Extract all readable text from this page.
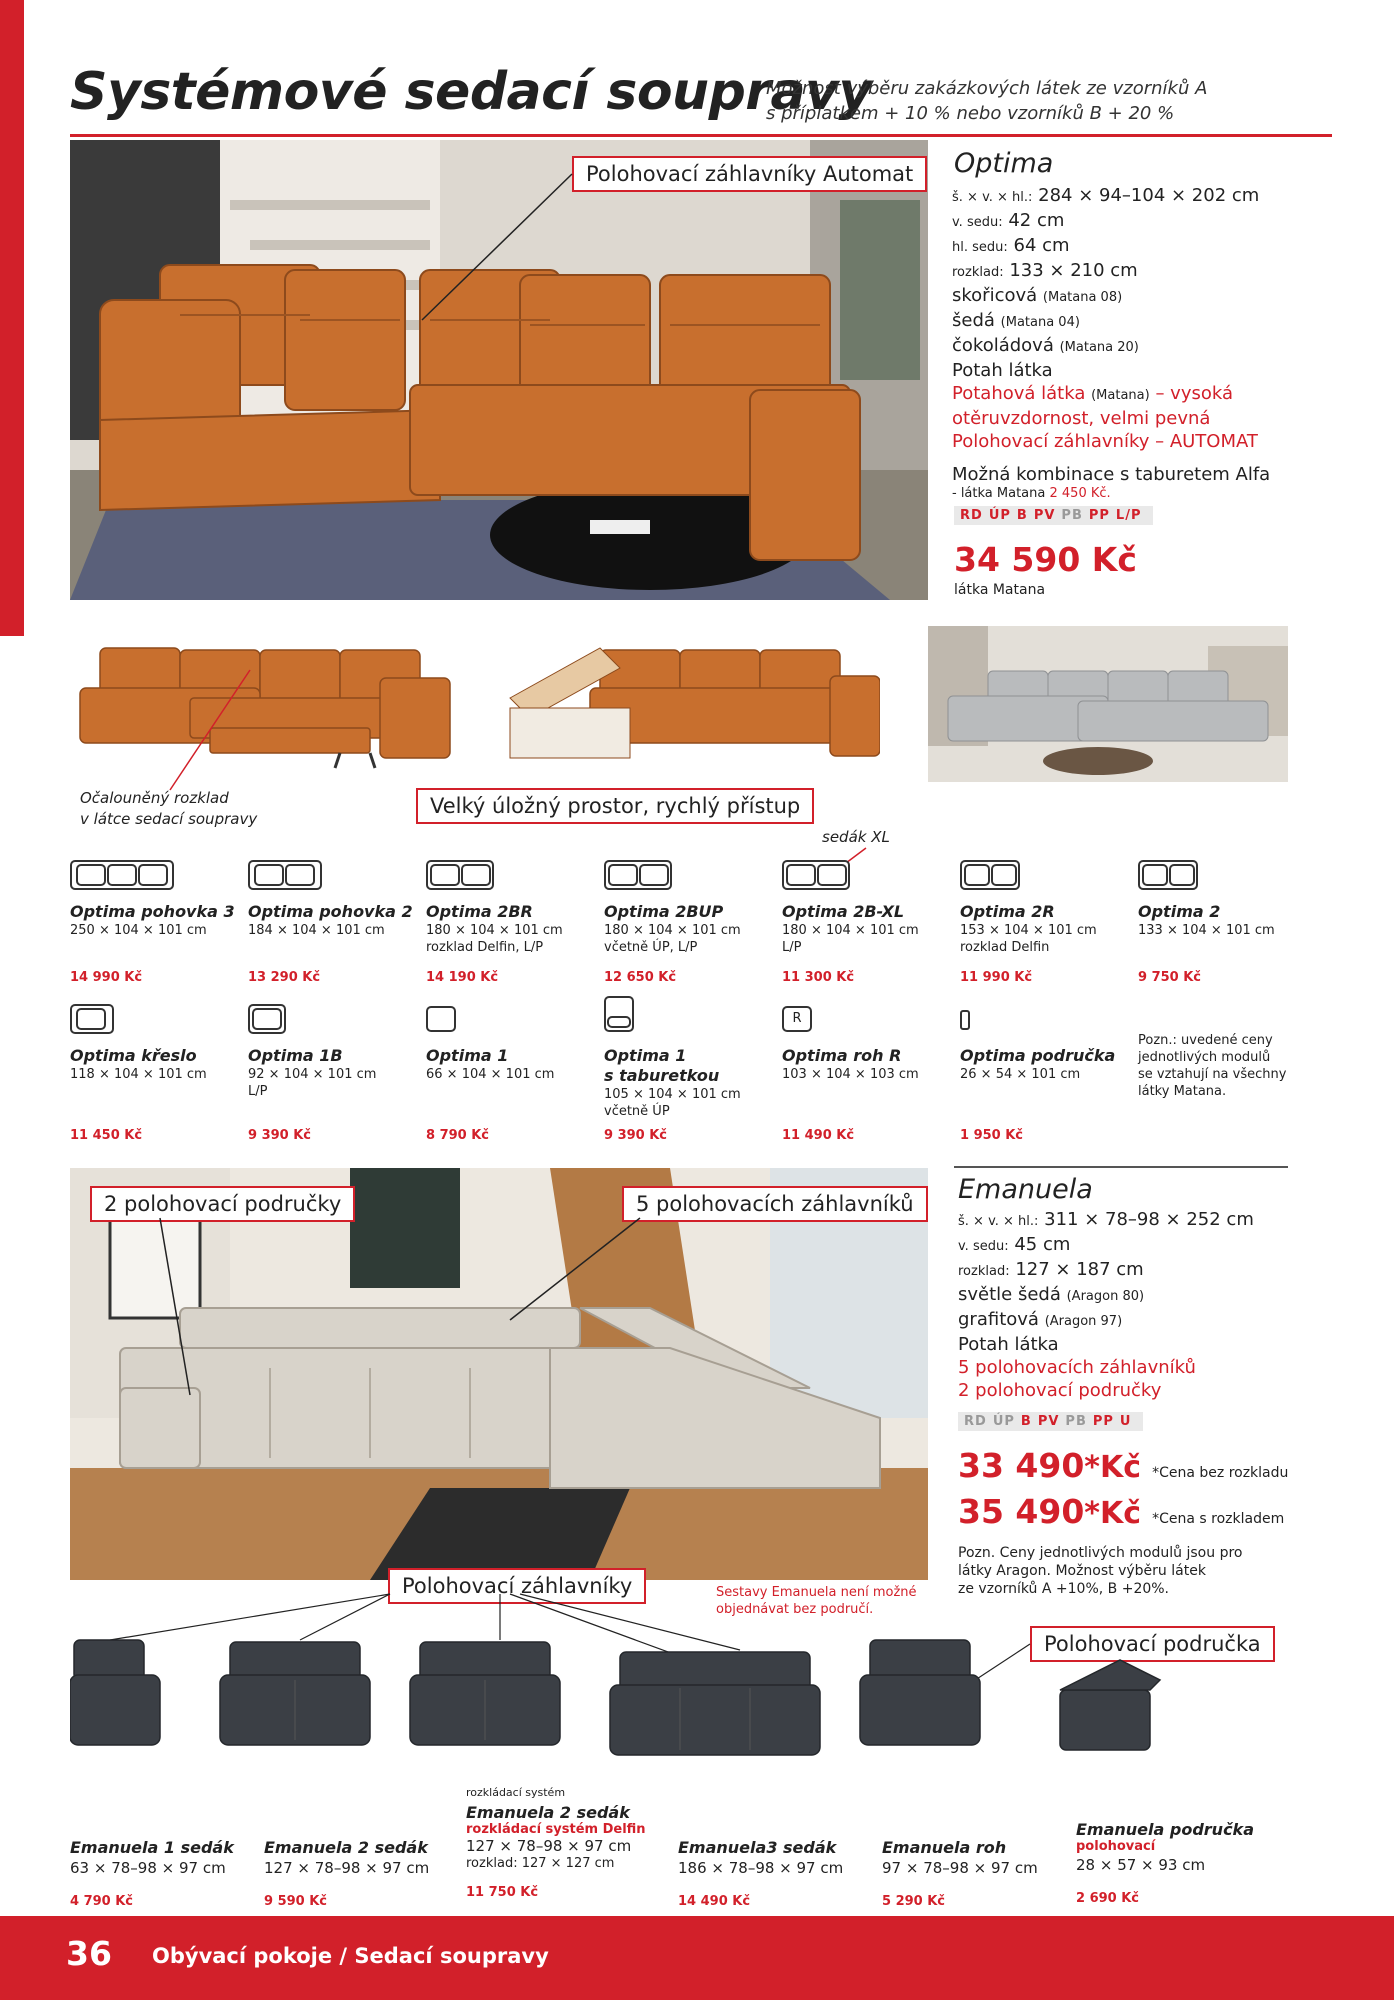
Systémové sedací soupravy
Možnost výběru zakázkových látek ze vzorníků A
s příplatkem + 10 % nebo vzorníků B + 20 %
Polohovací záhlavníky Automat	Optima
š. × v. × hl.: 284 × 94–104 × 202 cm
v. sedu: 42 cm
hl. sedu: 64 cm
rozklad: 133 × 210 cm
skořicová (Matana 08)
šedá (Matana 04)
čokoládová (Matana 20)
Potah látka
Potahová látka (Matana) – vysoká
otěruvzdornost, velmi pevná
Polohovací záhlavníky – AUTOMAT
Možná kombinace s taburetem Alfa
- látka Matana 2 450 Kč.
RD ÚP B PV PB PP L/P
34 590 Kč
látka Matana
Očalouněný rozklad
v látce sedací soupravy
Velký úložný prostor, rychlý přístup
sedák XL
Optima pohovka 3
250 × 104 × 101 cm
14 990 Kč
Optima pohovka 2
184 × 104 × 101 cm
13 290 Kč
Optima 2BR
180 × 104 × 101 cm
rozklad Delfin, L/P
14 190 Kč
Optima 2BUP
180 × 104 × 101 cm
včetně ÚP, L/P
12 650 Kč
Optima 2B-XL
180 × 104 × 101 cm
L/P
11 300 Kč
Optima 2R
153 × 104 × 101 cm
rozklad Delfin
11 990 Kč
Optima 2
133 × 104 × 101 cm
9 750 Kč
Optima křeslo
118 × 104 × 101 cm
11 450 Kč
Optima 1B
92 × 104 × 101 cm
L/P
9 390 Kč
Optima 1
66 × 104 × 101 cm
8 790 Kč
Optima 1
s taburetkou
105 × 104 × 101 cm
včetně ÚP
9 390 Kč
R
Optima roh R
103 × 104 × 103 cm
11 490 Kč
Optima područka
26 × 54 × 101 cm
1 950 Kč
Pozn.: uvedené ceny
jednotlivých modulů
se vztahují na všechny
látky Matana.
2 polohovací područky	5 polohovacích záhlavníků	Emanuela
š. × v. × hl.: 311 × 78–98 × 252 cm
v. sedu: 45 cm
rozklad: 127 × 187 cm
světle šedá (Aragon 80)
grafitová (Aragon 97)
Potah látka
5 polohovacích záhlavníků
2 polohovací područky
RD ÚP B PV PB PP U
33 490*Kč *Cena bez rozkladu
35 490*Kč *Cena s rozkladem
Pozn. Ceny jednotlivých modulů jsou pro
látky Aragon. Možnost výběru látek
ze vzorníků A +10%, B +20%.
Polohovací záhlavníky	Sestavy Emanuela není možné
objednávat bez područí.
Polohovací područka
Emanuela 1 sedák
63 × 78–98 × 97 cm
4 790 Kč
Emanuela 2 sedák
127 × 78–98 × 97 cm
9 590 Kč
rozkládací systém
Emanuela 2 sedák
rozkládací systém Delfin
127 × 78–98 × 97 cm
rozklad: 127 × 127 cm
11 750 Kč
Emanuela3 sedák
186 × 78–98 × 97 cm
14 490 Kč
Emanuela roh
97 × 78–98 × 97 cm
5 290 Kč
Emanuela područka
polohovací
28 × 57 × 93 cm
2 690 Kč
36 Obývací pokoje / Sedací soupravy
